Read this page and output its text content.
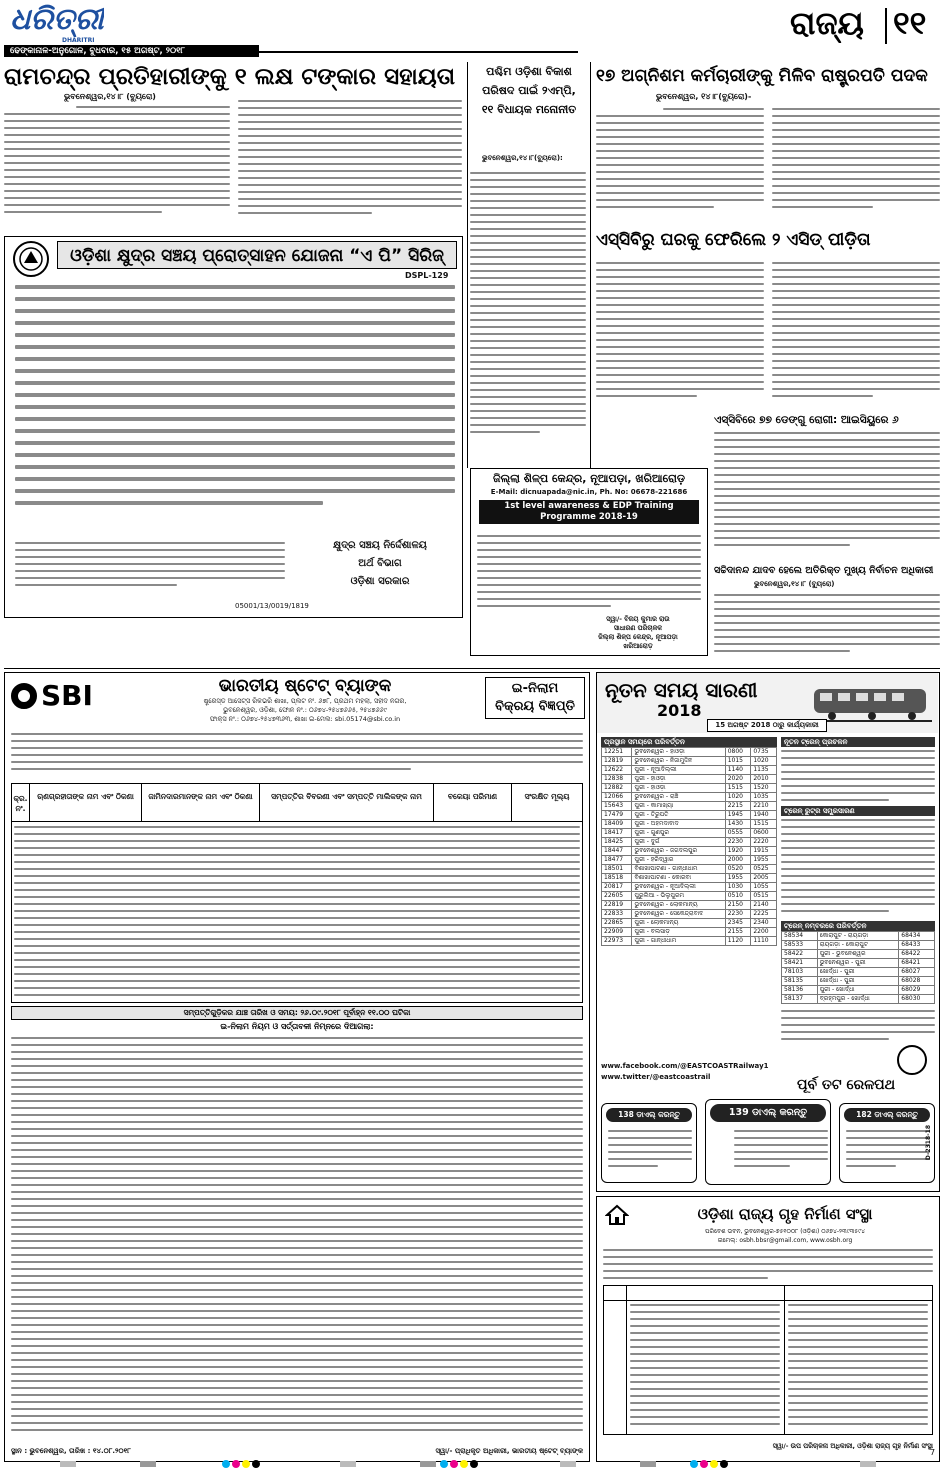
ଧରିତ୍ରୀ
DHARITRI
ଢେଙ୍କାନାଳ-ଅନୁଗୋଳ, ବୁଧବାର, ୧୫ ଅଗଷ୍ଟ, ୨୦୧୮
ରାଜ୍ୟ ୧୧
ରାମଚନ୍ଦ୍ର ପ୍ରତିହାରୀଙ୍କୁ ୧ ଲକ୍ଷ ଟଙ୍କାର ସହାୟତା
ଭୁବନେଶ୍ୱର,୧୪।୮ (ବ୍ୟୁରୋ)
ଓଡ଼ିଶା କ୍ଷୁଦ୍ର ସଞ୍ଚୟ ପ୍ରୋତ୍ସାହନ ଯୋଜନା “ଏ ପି” ସିରିଜ୍
DSPL-129
କ୍ଷୁଦ୍ର ସଞ୍ଚୟ ନିର୍ଦ୍ଦେଶାଳୟ
ଅର୍ଥ ବିଭାଗ
ଓଡ଼ିଶା ସରକାର
05001/13/0019/1819
ପଶ୍ଚିମ ଓଡ଼ିଶା ବିକାଶ
ପରିଷଦ ପାଇଁ ୨ଏମ୍‌ପି,
୧୧ ବିଧାୟକ ମନୋନୀତ
ଭୁବନେଶ୍ୱର,୧୪।୮(ବ୍ୟୁରୋ):
୧୭ ଅଗ୍ନିଶମ କର୍ମଚାରୀଙ୍କୁ ମିଳିବ ରାଷ୍ଟ୍ରପତି ପଦକ
ଭୁବନେଶ୍ୱର, ୧୪।୮(ବ୍ୟୁରୋ)-
ଏସ୍‌ସିବିରୁ ଘରକୁ ଫେରିଲେ ୨ ଏସିଡ୍ ପୀଡ଼ିତା
ଜିଲ୍ଲା ଶିଳ୍ପ କେନ୍ଦ୍ର, ନୂଆପଡ଼ା, ଖରିଆରୋଡ଼
E-Mail: dicnuapada@nic.in, Ph. No: 06678-221686
1st level awareness & EDP Training
Programme 2018-19
ସ୍ୱା/- ବିଜୟ କୁମାର ରାଉ
ସାଧାରଣ ପରିଚାଳକ
ଜିଲ୍ଲା ଶିଳ୍ପ କେନ୍ଦ୍ର, ନୂଆପଡ଼ା
ଖରିଆରୋଡ଼
ଏସ୍‌ସିବିରେ ୭୭ ଡେଙ୍ଗୁ ରୋଗୀ: ଆଇସିୟୁରେ ୬
ସଚ୍ଚିଦାନନ୍ଦ ଯାଦବ ହେଲେ ଅତିରିକ୍ତ ମୁଖ୍ୟ ନିର୍ବାଚନ ଅଧିକାରୀ
ଭୁବନେଶ୍ୱର,୧୪।୮ (ବ୍ୟୁରୋ)
SBI	ଭାରତୀୟ ଷ୍ଟେଟ୍ ବ୍ୟାଙ୍କ
ଷ୍ଟ୍ରେସ୍ଡ ଆସେଟ୍ସ ରିକଭରି ଶାଖା, ପ୍ଲଟ ନଂ. ୬୭୮, ପ୍ରଥମ ମହଲା, ସହୀଦ ନଗର,
ଭୁବନେଶ୍ୱର, ଓଡ଼ିଶା, ଫୋନ ନଂ.: ୦୬୭୪-୨୫୪୭୬୬୫, ୨୫୪୭୬୬୯
ଫାକ୍ସ ନଂ.: ୦୬୭୪-୨୫୪୭୩୬୩, ଶାଖା ଇ-ମେଲ: sbi.05174@sbi.co.in
ଇ-ନିଲାମ
ବିକ୍ରୟ ବିଜ୍ଞପ୍ତି
କ୍ର. ନଂ.
ଋଣଗ୍ରହୀତାଙ୍କ ନାମ ଏବଂ ଠିକଣା	ଜାମିନଦାରମାନଙ୍କ ନାମ ଏବଂ ଠିକଣା	ସମ୍ପତ୍ତିର ବିବରଣୀ ଏବଂ ସମ୍ପତ୍ତି ମାଲିକଙ୍କ ନାମ	ବକେୟା ପରିମାଣ	ସଂରକ୍ଷିତ ମୂଲ୍ୟ
ସମ୍ପତ୍ତିଗୁଡ଼ିକର ଯାଞ୍ଚ ତାରିଖ ଓ ସମୟ: ୨୬.୦୯.୨୦୧୮ ପୂର୍ବାହ୍ନ ୧୧.୦୦ ଘଟିକା
ଇ-ନିଲାମ ନିୟମ ଓ ସର୍ତ୍ତାବଳୀ ନିମ୍ନରେ ଦିଆଗଲା:
ସ୍ଥାନ : ଭୁବନେଶ୍ୱର, ତାରିଖ : ୧୪.୦୮.୨୦୧୮	ସ୍ୱା/- ପ୍ରାଧିକୃତ ଅଧିକାରୀ, ଭାରତୀୟ ଷ୍ଟେଟ୍ ବ୍ୟାଙ୍କ
ନୂତନ ସମୟ ସାରଣୀ
2018
15 ଅଗଷ୍ଟ 2018 ଠାରୁ କାର୍ଯ୍ୟକାରୀ
ପ୍ରସ୍ଥାନ ସମୟରେ ପରିବର୍ତ୍ତନ
12251	ଭୁବନେଶ୍ୱର - ହାଓଡ଼ା	0800	0735
12819	ଭୁବନେଶ୍ୱର - ନିଜାମୁଦ୍ଦିନ	1015	1020
12622	ପୁରୀ - ନୂଆଦିଲ୍ଲୀ	1140	1135
12838	ପୁରୀ - ହାଓଡ଼ା	2020	2010
12882	ପୁରୀ - ହାଓଡ଼ା	1515	1520
12066	ଭୁବନେଶ୍ୱର - ରାଞ୍ଚି	1020	1035
15643	ପୁରୀ - କାମାଖ୍ୟା	2215	2210
17479	ପୁରୀ - ତିରୁପତି	1945	1940
18409	ପୁରୀ - ଅହମଦାବାଦ	1430	1515
18417	ପୁରୀ - ଗୁଣପୁର	0555	0600
18425	ପୁରୀ - ଦୁର୍ଗ	2230	2220
18447	ଭୁବନେଶ୍ୱର - ଜଗଦଲପୁର	1920	1915
18477	ପୁରୀ - ହରିଦ୍ୱାର	2000	1955
18501	ବିଶାଖାପାଟଣା - ଗାନ୍ଧୀଧାମ	0520	0525
18518	ବିଶାଖାପାଟଣା - କୋରବା	1955	2005
20817	ଭୁବନେଶ୍ୱର - ନୂଆଦିଲ୍ଲୀ	1030	1055
22605	ପୁରୁଲିଆ - ଭିଲୁପୁରମ	0510	0515
22819	ଭୁବନେଶ୍ୱର - ଲୋକମାନ୍ୟ	2150	2140
22833	ଭୁବନେଶ୍ୱର - ସେକେନ୍ଦ୍ରାବାଦ	2230	2225
22865	ପୁରୀ - ଲୋକମାନ୍ୟ	2345	2340
22909	ପୁରୀ - ବଲସାଡ଼	2155	2200
22973	ପୁରୀ - ଗାନ୍ଧୀଧାମ	1120	1110
ନୂତନ ଟ୍ରେନ୍ ପ୍ରଚଳନ
ଟ୍ରେନ୍ ରୁଟ୍‌ର ସମ୍ପ୍ରସାରଣ
ଟ୍ରେନ୍ ନମ୍ବରରେ ପରିବର୍ତ୍ତନ
58534	କୋରାପୁଟ - ରାୟଗଡ଼ା	68434
58533	ରାୟଗଡ଼ା - କୋରାପୁଟ	68433
58422	ପୁରୀ - ଭୁବନେଶ୍ୱର	68422
58421	ଭୁବନେଶ୍ୱର - ପୁରୀ	68421
78103	ଖୋର୍ଦ୍ଧା - ପୁରୀ	68027
58135	ଖୋର୍ଦ୍ଧା - ପୁରୀ	68028
58136	ପୁରୀ - ଖୋର୍ଦ୍ଧା	68029
58137	ବ୍ରହ୍ମପୁର - ଖୋର୍ଦ୍ଧା	68030
www.facebook.com/@EASTCOASTRailway1
www.twitter/@eastcoastrail	ପୂର୍ବ ତଟ ରେଳପଥ
138 ଡାଏଲ୍ କରନ୍ତୁ	139 ଡାଏଲ୍ କରନ୍ତୁ	182 ଡାଏଲ୍ କରନ୍ତୁ
D-2318-18
ଓଡ଼ିଶା ରାଜ୍ୟ ଗୃହ ନିର୍ମାଣ ସଂସ୍ଥା
ପରିବେଶ ଭବନ, ଭୁବନେଶ୍ୱର-୭୫୧୦୦୮ (ଓଡ଼ିଶା) ୦୬୭୪-୨୩୯୩୫୯୪
ଇମେଲ୍: osbh.bbsr@gmail.com, www.osbh.org
ସ୍ୱା/- ଉପ ପରିଚାଳନା ଅଧିକାରୀ, ଓଡ଼ିଶା ରାଜ୍ୟ ଗୃହ ନିର୍ମାଣ ସଂସ୍ଥା
7
